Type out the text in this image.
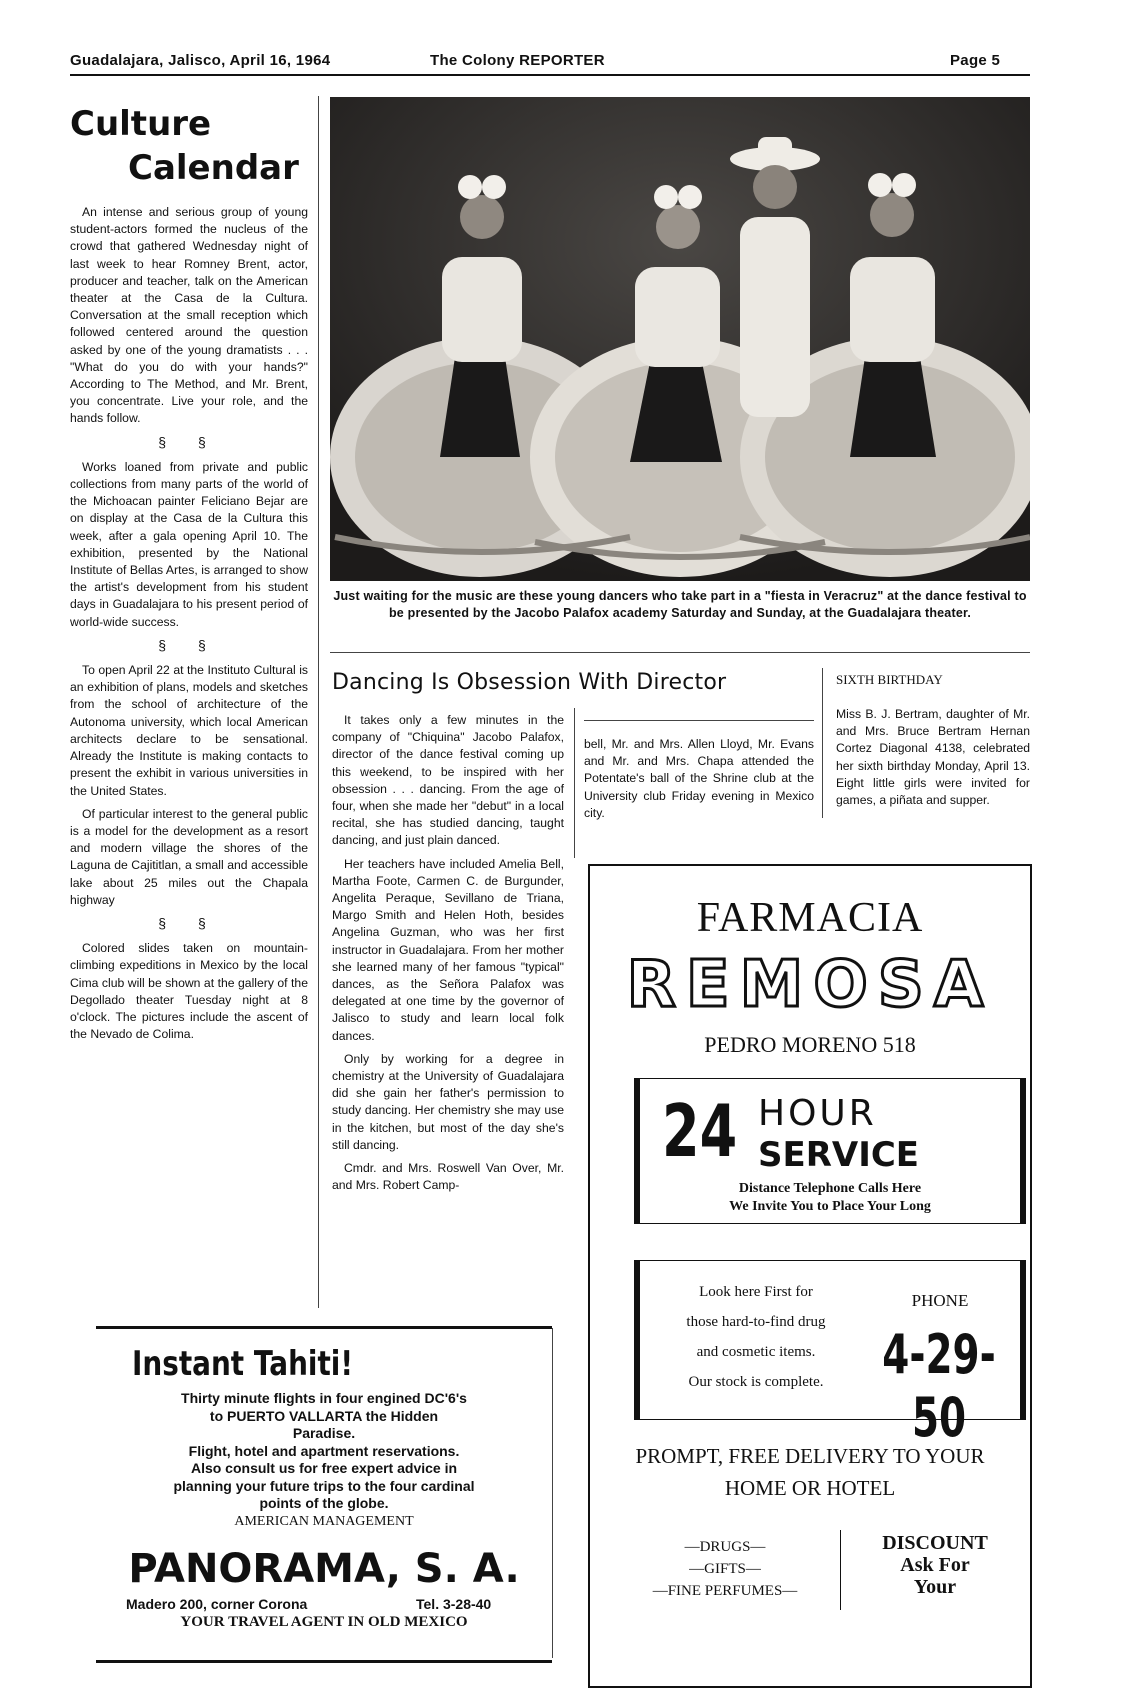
Guadalajara, Jalisco, April 16, 1964	The Colony REPORTER	Page 5
Culture
Calendar

An intense and serious group of young student-actors formed the nucleus of the crowd that gathered Wednesday night of last week to hear Romney Brent, actor, producer and teacher, talk on the American theater at the Casa de la Cultura. Conversation at the small reception which followed centered around the question asked by one of the young dramatists . . . "What do you do with your hands?" According to The Method, and Mr. Brent, you concentrate. Live your role, and the hands follow.

§ §

Works loaned from private and public collections from many parts of the world of the Michoacan painter Feliciano Bejar are on display at the Casa de la Cultura this week, after a gala opening April 10. The exhibition, presented by the National Institute of Bellas Artes, is arranged to show the artist's development from his student days in Guadalajara to his present period of world-wide success.

§ §

To open April 22 at the Instituto Cultural is an exhibition of plans, models and sketches from the school of architecture of the Autonoma university, which local American architects declare to be sensational. Already the Institute is making contacts to present the exhibit in various universities in the United States.

Of particular interest to the general public is a model for the development as a resort and modern village the shores of the Laguna de Cajititlan, a small and accessible lake about 25 miles out the Chapala highway

§ §

Colored slides taken on mountain-climbing expeditions in Mexico by the local Cima club will be shown at the gallery of the Degollado theater Tuesday night at 8 o'clock. The pictures include the ascent of the Nevado de Colima.

Just waiting for the music are these young dancers who take part in a "fiesta in Veracruz" at the dance festival to be presented by the Jacobo Palafox academy Saturday and Sunday, at the Guadalajara theater.
Dancing Is Obsession With Director

It takes only a few minutes in the company of "Chiquina" Jacobo Palafox, director of the dance festival coming up this weekend, to be inspired with her obsession . . . dancing. From the age of four, when she made her "debut" in a local recital, she has studied dancing, taught dancing, and just plain danced.

Her teachers have included Amelia Bell, Martha Foote, Carmen C. de Burgunder, Angelita Peraque, Sevillano de Triana, Margo Smith and Helen Hoth, besides Angelina Guzman, who was her first instructor in Guadalajara. From her mother she learned many of her famous "typical" dances, as the Señora Palafox was delegated at one time by the governor of Jalisco to study and learn local folk dances.

Only by working for a degree in chemistry at the University of Guadalajara did she gain her father's permission to study dancing. Her chemistry she may use in the kitchen, but most of the day she's still dancing.

Cmdr. and Mrs. Roswell Van Over, Mr. and Mrs. Robert Camp-

bell, Mr. and Mrs. Allen Lloyd, Mr. Evans and Mr. and Mrs. Chapa attended the Potentate's ball of the Shrine club at the University club Friday evening in Mexico city.
SIXTH BIRTHDAY
Miss B. J. Bertram, daughter of Mr. and Mrs. Bruce Bertram Hernan Cortez Diagonal 4138, celebrated her sixth birthday Monday, April 13. Eight little girls were invited for games, a piñata and supper.
FARMACIA
REMOSA
PEDRO MORENO 518
24 HOUR
SERVICE
Distance Telephone Calls Here
We Invite You to Place Your Long
Look here First for
those hard-to-find drug
and cosmetic items.
Our stock is complete.
PHONE
4-29-50
PROMPT, FREE DELIVERY TO YOUR
HOME OR HOTEL
—DRUGS—
—GIFTS—
—FINE PERFUMES—
DISCOUNT
Ask For
Your
Instant Tahiti!
Thirty minute flights in four engined DC'6's
to PUERTO VALLARTA the Hidden
Paradise.
Flight, hotel and apartment reservations.
Also consult us for free expert advice in
planning your future trips to the four cardinal
points of the globe.
AMERICAN MANAGEMENT
PANORAMA, S. A.
Madero 200, corner Corona	Tel. 3-28-40
YOUR TRAVEL AGENT IN OLD MEXICO
